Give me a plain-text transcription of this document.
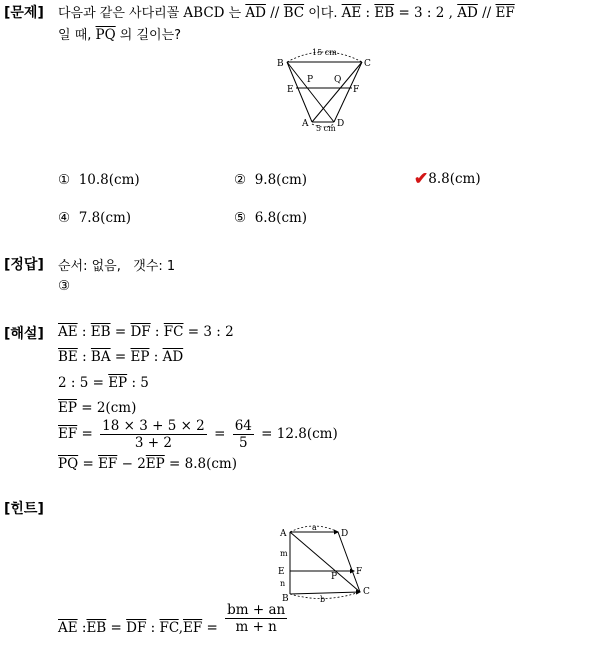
[문제] 다음과 같은 사다리꼴 ABCD 는 $\overline{AD} // \overline{BC}$ 이다. $\overline{AE}$ : $\overline{EB} = 3$ : 2 , $\overline{AD} // \overline{EF}$
일 때, $\overline{PQ}$ 의 길이는?
B	C
15 cm
P Q
E	F
A	D
5 cm
① 10.8(cm)	② 9.8(cm)	✔8.8(cm)
④ 7.8(cm)	⑤ 6.8(cm)
[정답] 순서: 없음,   갯수: 1
③
[해설] $\overline{AE}$ : $\overline{EB} = \overline{DF}$ : $\overline{FC} = 3$ : 2
$\overline{BE}$ : $\overline{BA} = \overline{EP}$ : $\overline{AD}$
2 : $5 = \overline{EP}$ : 5
$\overline{EP} = 2(cm)$
$\overline{EF} = \frac{18 \times 3 + 5 \times 2}{3 + 2} = \frac{64}{5} = 12.8(cm)$
$\overline{PQ} = \overline{EF} - 2\overline{EP} = 8.8(cm)$
[힌트]
A	D
a
m
E	P F
n
B	b
C
$\overline{AE}$ $:\overline{EB} = \overline{DF}$ : $\overline{FC},\overline{EF} = \frac{bm + an}{m + n}$
